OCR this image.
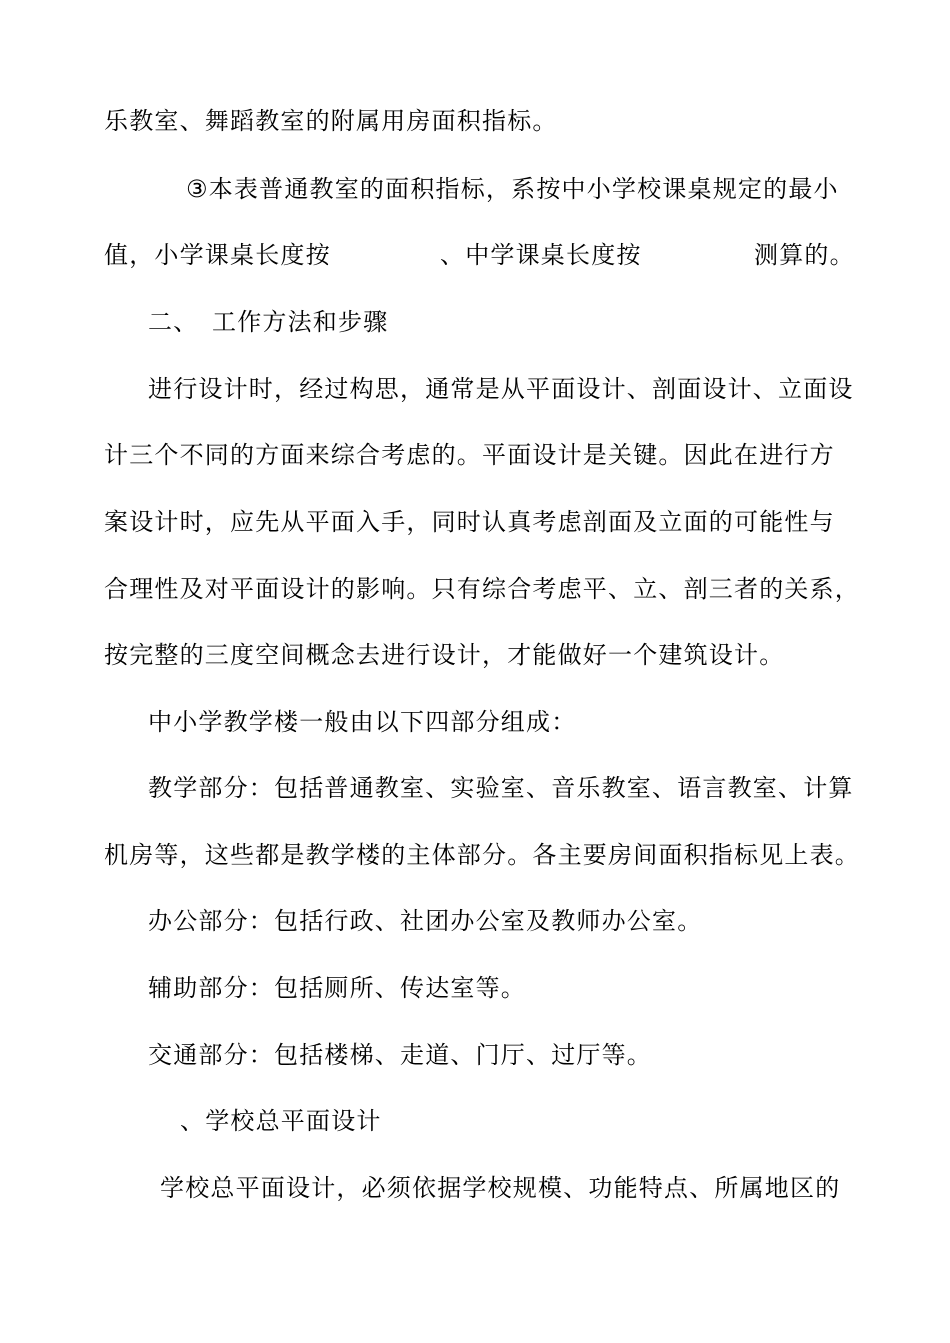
乐教室、舞蹈教室的附属用房面积指标。
③本表普通教室的面积指标，系按中小学校课桌规定的最小

值，小学课桌长度按

	、中学课桌长度按

	测算的。

二、

工作方法和步骤

进行设计时，经过构思，通常是从平面设计、剖面设计、立面设
计三个不同的方面来综合考虑的。平面设计是关键。因此在进行方
案设计时，应先从平面入手，同时认真考虑剖面及立面的可能性与
合理性及对平面设计的影响。只有综合考虑平、立、剖三者的关系，
按完整的三度空间概念去进行设计，才能做好一个建筑设计。
中小学教学楼一般由以下四部分组成：
教学部分：包括普通教室、实验室、音乐教室、语言教室、计算
机房等，这些都是教学楼的主体部分。各主要房间面积指标见上表。
办公部分：包括行政、社团办公室及教师办公室。
辅助部分：包括厕所、传达室等。
交通部分：包括楼梯、走道、门厅、过厅等。
、学校总平面设计
学校总平面设计，必须依据学校规模、功能特点、所属地区的
